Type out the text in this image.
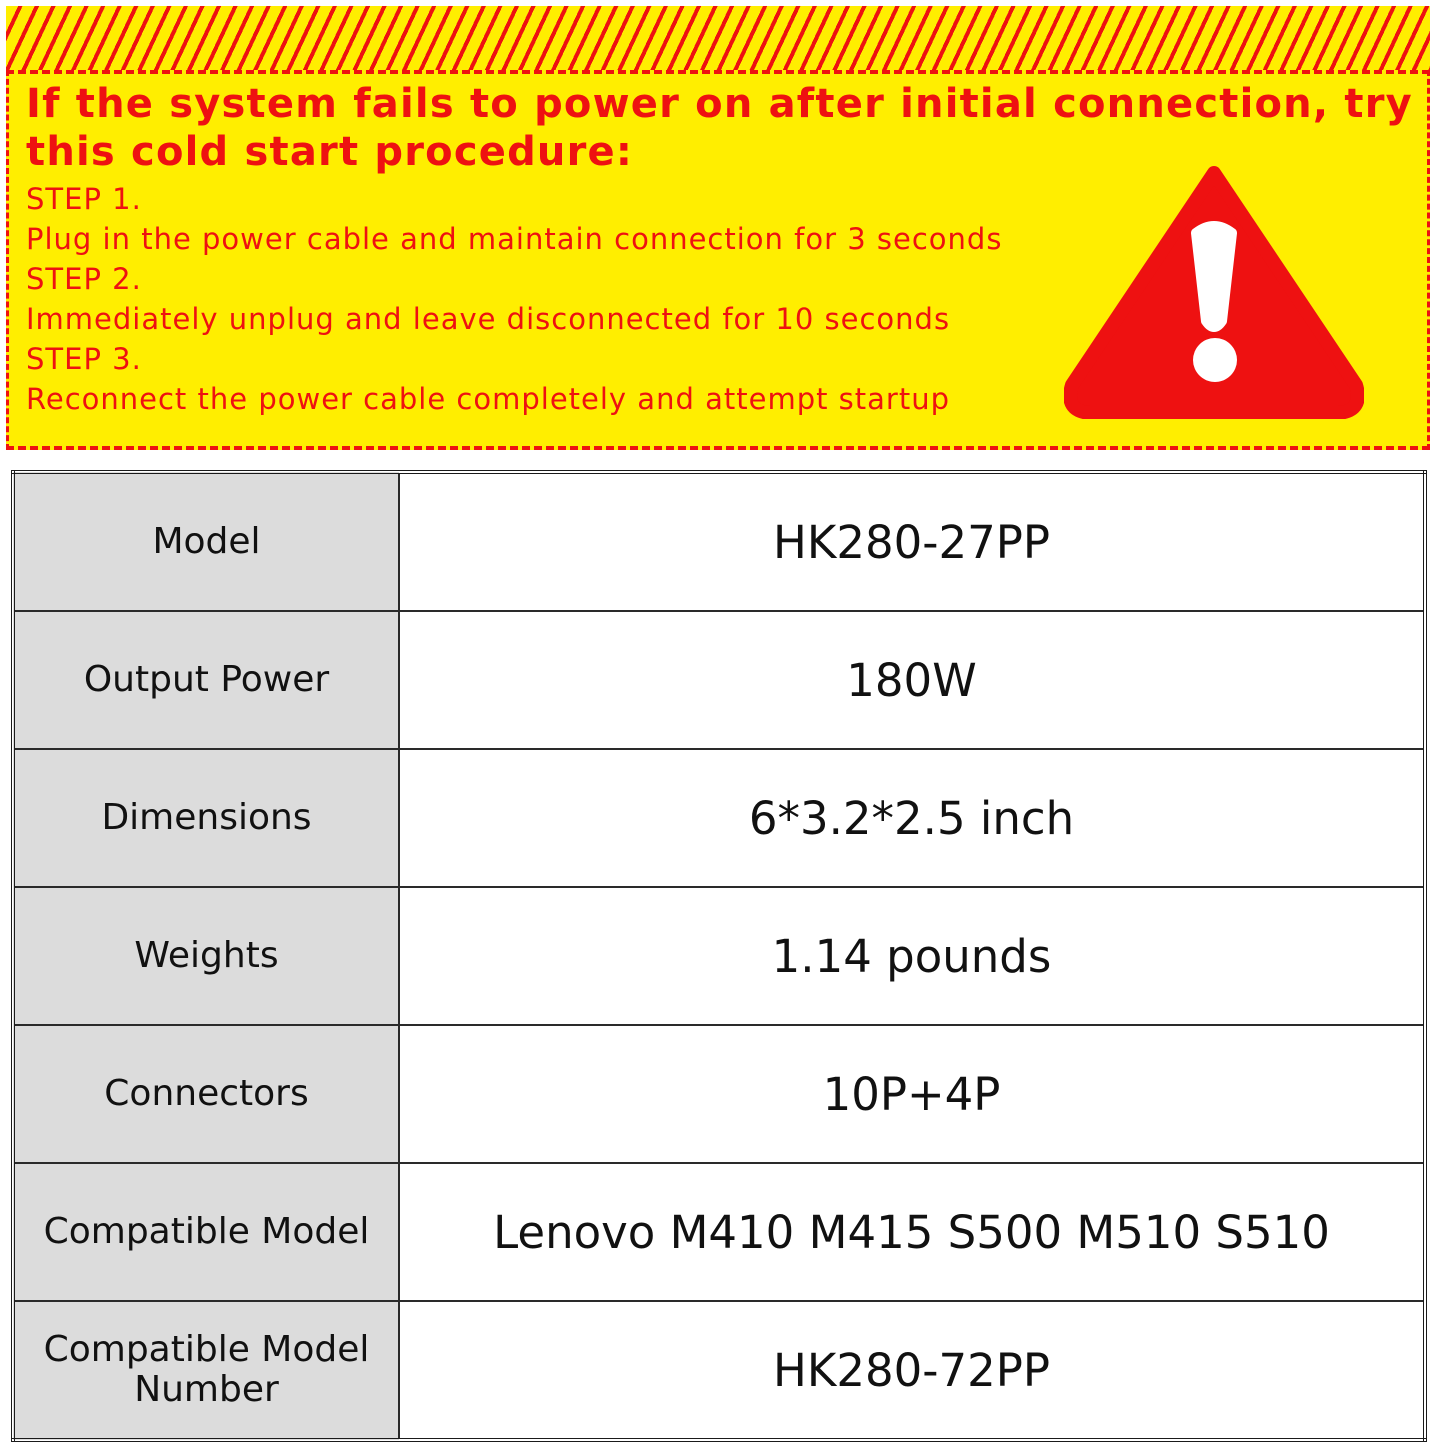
If the system fails to power on after initial connection, try this cold start procedure:

STEP 1.
Plug in the power cable and maintain connection for 3 seconds
STEP 2.
Immediately unplug and leave disconnected for 10 seconds
STEP 3.
Reconnect the power cable completely and attempt startup
Model	HK280-27PP
Output Power	180W
Dimensions	6*3.2*2.5 inch
Weights	1.14 pounds
Connectors	10P+4P
Compatible Model	Lenovo M410 M415 S500 M510 S510
Compatible Model Number	HK280-72PP
